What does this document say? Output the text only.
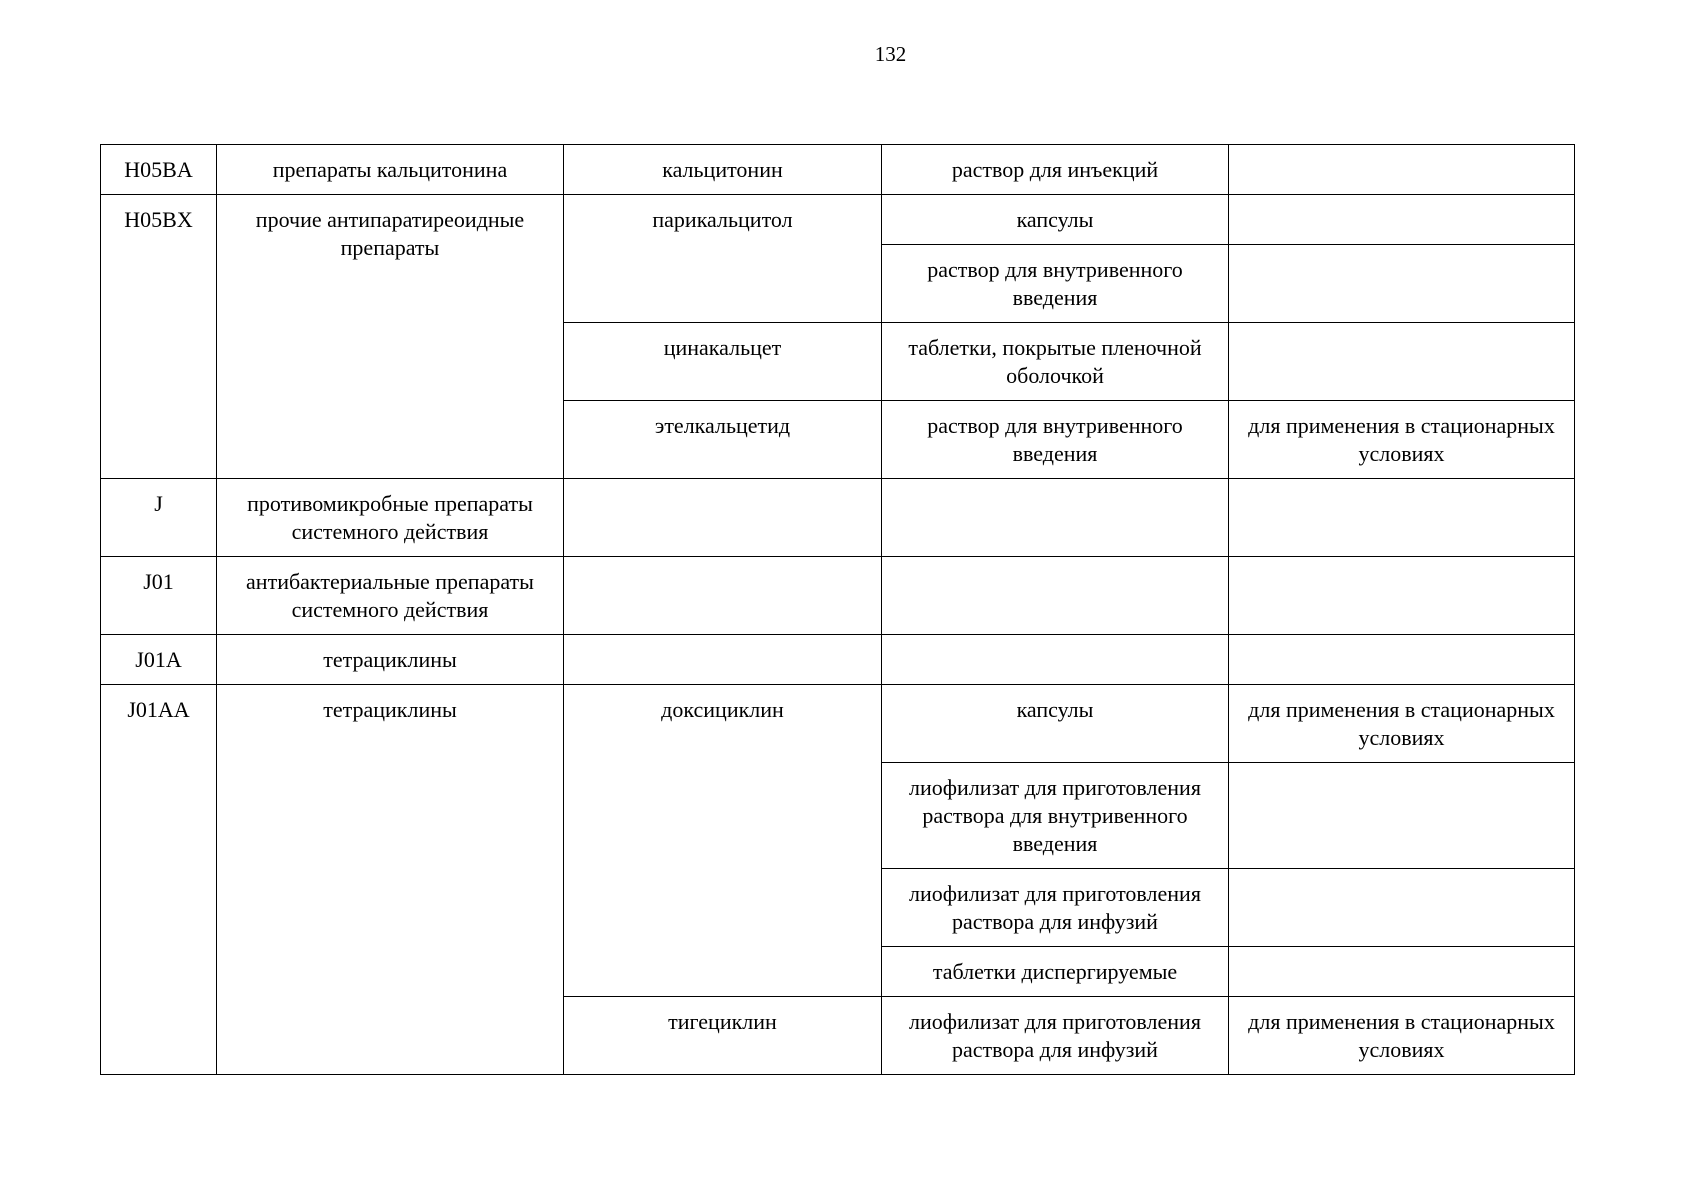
132
H05BA	препараты кальцитонина	кальцитонин	раствор для инъекций	
H05BX	прочие антипаратиреоидные препараты	парикальцитол	капсулы	
			раствор для внутривенного введения	
		цинакальцет	таблетки, покрытые пленочной оболочкой	
		этелкальцетид	раствор для внутривенного введения	для применения в стационарных условиях
J	противомикробные препараты системного действия			
J01	антибактериальные препараты системного действия			
J01A	тетрациклины			
J01AA	тетрациклины	доксициклин	капсулы	для применения в стационарных условиях
			лиофилизат для приготовления раствора для внутривенного введения	
			лиофилизат для приготовления раствора для инфузий	
			таблетки диспергируемые	
		тигециклин	лиофилизат для приготовления раствора для инфузий	для применения в стационарных условиях
